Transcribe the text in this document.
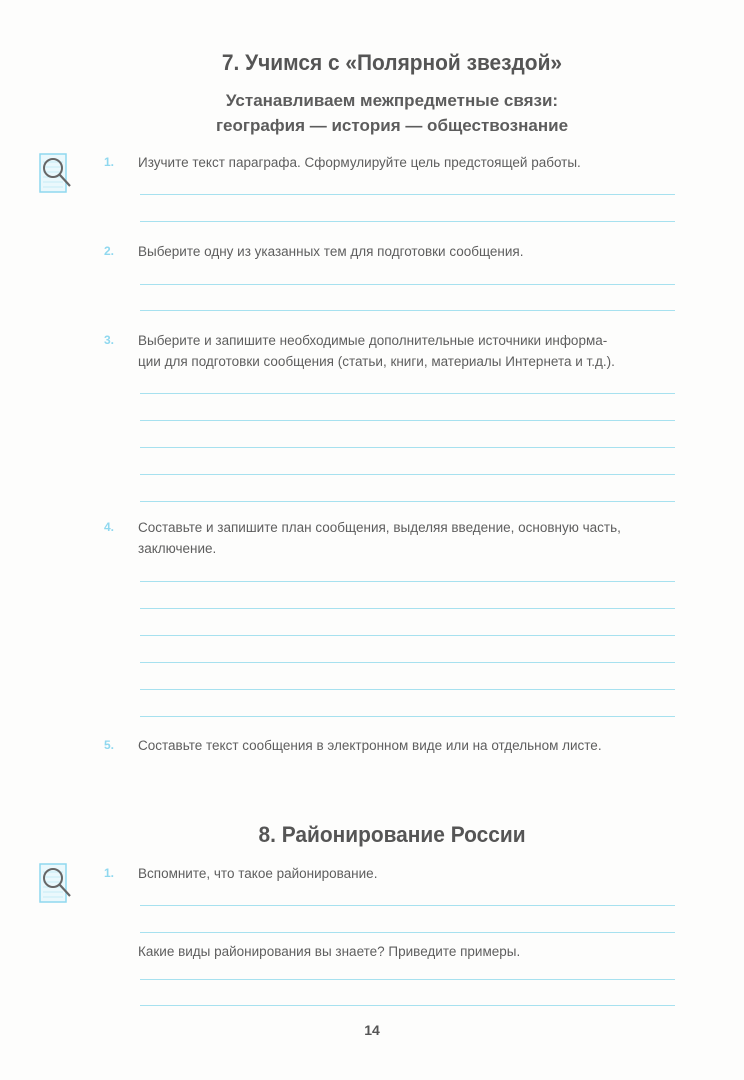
7. Учимся с «Полярной звездой»
Устанавливаем межпредметные связи:
география — история — обществознание
1. Изучите текст параграфа. Сформулируйте цель предстоящей работы.
2. Выберите одну из указанных тем для подготовки сообщения.
3. Выберите и запишите необходимые дополнительные источники информа-
ции для подготовки сообщения (статьи, книги, материалы Интернета и т.д.).
4. Составьте и запишите план сообщения, выделяя введение, основную часть,
заключение.
5. Составьте текст сообщения в электронном виде или на отдельном листе.
8. Районирование России
1. Вспомните, что такое районирование.
Какие виды районирования вы знаете? Приведите примеры.
14
